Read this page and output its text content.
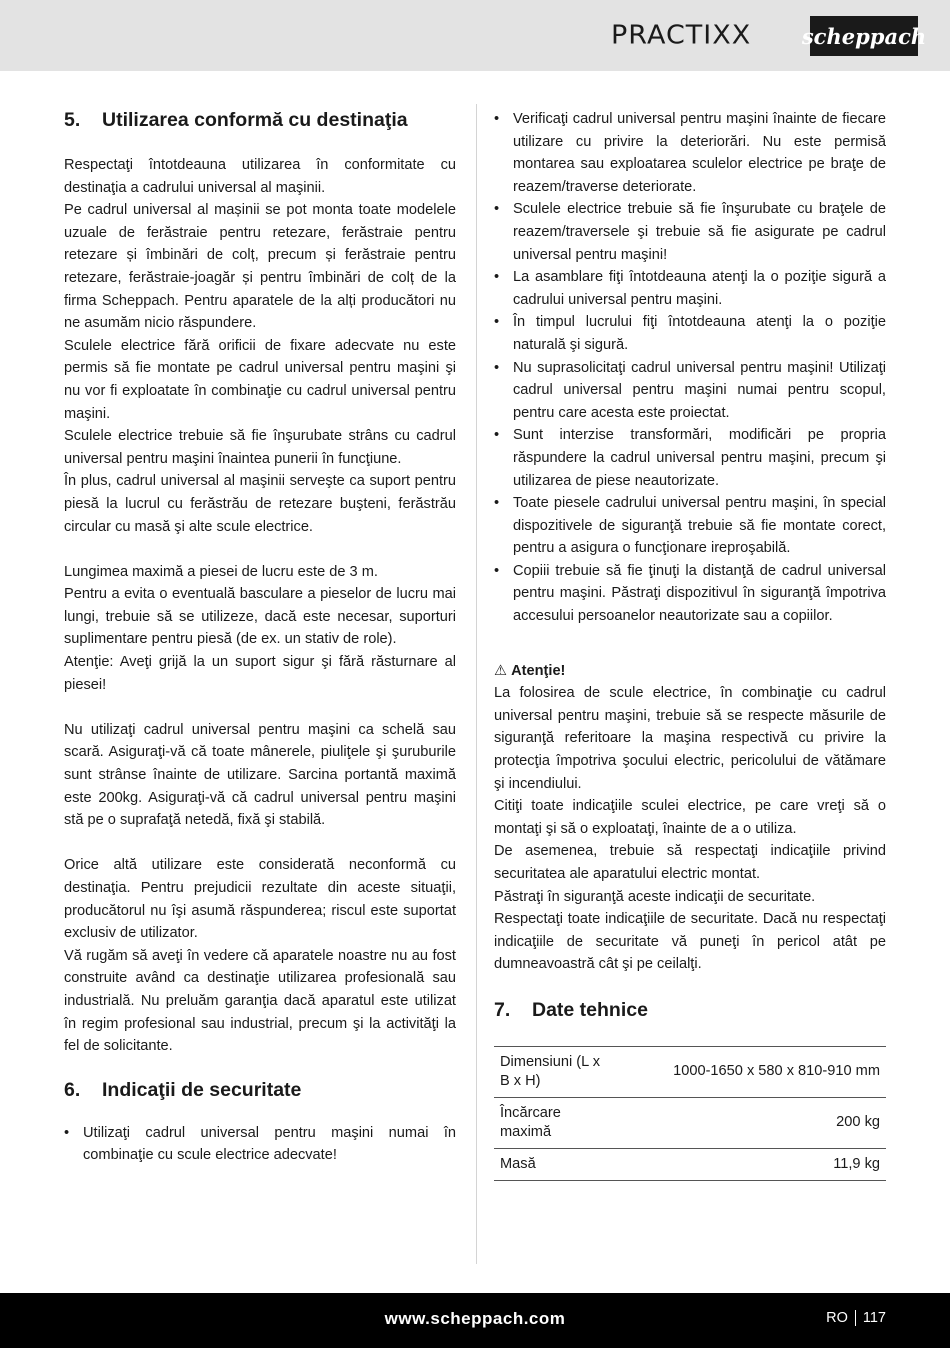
PRACTIXX scheppach
5.	Utilizarea conformă cu destinaţia

Respectaţi întotdeauna utilizarea în conformitate cu destinaţia a cadrului universal al maşinii.

Pe cadrul universal al mașinii se pot monta toate modelele uzuale de ferăstraie pentru retezare, ferăstraie pentru retezare și îmbinări de colț, precum și ferăstraie pentru retezare, ferăstraie-joagăr și pentru îmbinări de colț de la firma Scheppach. Pentru aparatele de la alți producători nu ne asumăm nicio răspundere.

Sculele electrice fără orificii de fixare adecvate nu este permis să fie montate pe cadrul universal pentru maşini şi nu vor fi exploatate în combinaţie cu cadrul universal pentru maşini.

Sculele electrice trebuie să fie înşurubate strâns cu cadrul universal pentru maşini înaintea punerii în funcţiune.

În plus, cadrul universal al maşinii serveşte ca suport pentru piesă la lucrul cu ferăstrău de retezare buşteni, ferăstrău circular cu masă şi alte scule electrice.

Lungimea maximă a piesei de lucru este de 3 m.

Pentru a evita o eventuală basculare a pieselor de lucru mai lungi, trebuie să se utilizeze, dacă este necesar, suporturi suplimentare pentru piesă (de ex. un stativ de role).

Atenţie: Aveţi grijă la un suport sigur şi fără răsturnare al piesei!

Nu utilizaţi cadrul universal pentru maşini ca schelă sau scară. Asiguraţi-vă că toate mânerele, piuliţele şi şuruburile sunt strânse înainte de utilizare. Sarcina portantă maximă este 200kg. Asiguraţi-vă că cadrul universal pentru maşini stă pe o suprafaţă netedă, fixă şi stabilă.

Orice altă utilizare este considerată neconformă cu destinaţia. Pentru prejudicii rezultate din aceste situaţii, producătorul nu îşi asumă răspunderea; riscul este suportat exclusiv de utilizator.

Vă rugăm să aveţi în vedere că aparatele noastre nu au fost construite având ca destinaţie utilizarea profesională sau industrială. Nu preluăm garanţia dacă aparatul este utilizat în regim profesional sau industrial, precum şi la activităţi la fel de solicitante.

6.	Indicaţii de securitate
• Utilizaţi cadrul universal pentru maşini numai în combinaţie cu scule electrice adecvate!
• Verificaţi cadrul universal pentru maşini înainte de fiecare utilizare cu privire la deteriorări. Nu este permisă montarea sau exploatarea sculelor electrice pe braţe de reazem/traverse deteriorate.
• Sculele electrice trebuie să fie înşurubate cu braţele de reazem/traversele şi trebuie să fie asigurate pe cadrul universal pentru maşini!
• La asamblare fiţi întotdeauna atenţi la o poziţie sigură a cadrului universal pentru maşini.
• În timpul lucrului fiţi întotdeauna atenţi la o poziţie naturală şi sigură.
• Nu suprasolicitaţi cadrul universal pentru maşini! Utilizaţi cadrul universal pentru maşini numai pentru scopul, pentru care acesta este proiectat.
• Sunt interzise transformări, modificări pe propria răspundere la cadrul universal pentru maşini, precum şi utilizarea de piese neautorizate.
• Toate piesele cadrului universal pentru maşini, în special dispozitivele de siguranţă trebuie să fie montate corect, pentru a asigura o funcţionare ireproşabilă.
• Copiii trebuie să fie ţinuţi la distanţă de cadrul universal pentru maşini. Păstraţi dispozitivul în siguranţă împotriva accesului persoanelor neautorizate sau a copiilor.
⚠ Atenţie!

La folosirea de scule electrice, în combinaţie cu cadrul universal pentru maşini, trebuie să se respecte măsurile de siguranţă referitoare la maşina respectivă cu privire la protecţia împotriva şocului electric, pericolului de vătămare şi incendiului.

Citiţi toate indicaţiile sculei electrice, pe care vreţi să o montaţi şi să o exploataţi, înainte de a o utiliza.

De asemenea, trebuie să respectaţi indicaţiile privind securitatea ale aparatului electric montat.

Păstraţi în siguranţă aceste indicaţii de securitate.

Respectaţi toate indicaţiile de securitate. Dacă nu respectaţi indicaţiile de securitate vă puneţi în pericol atât pe dumneavoastră cât şi pe ceilalţi.

7.	Date tehnice
Dimensiuni (L x B x H)	1000-1650 x 580 x 810-910 mm
Încărcare maximă	200 kg
Masă	11,9 kg
www.scheppach.com	RO 117
